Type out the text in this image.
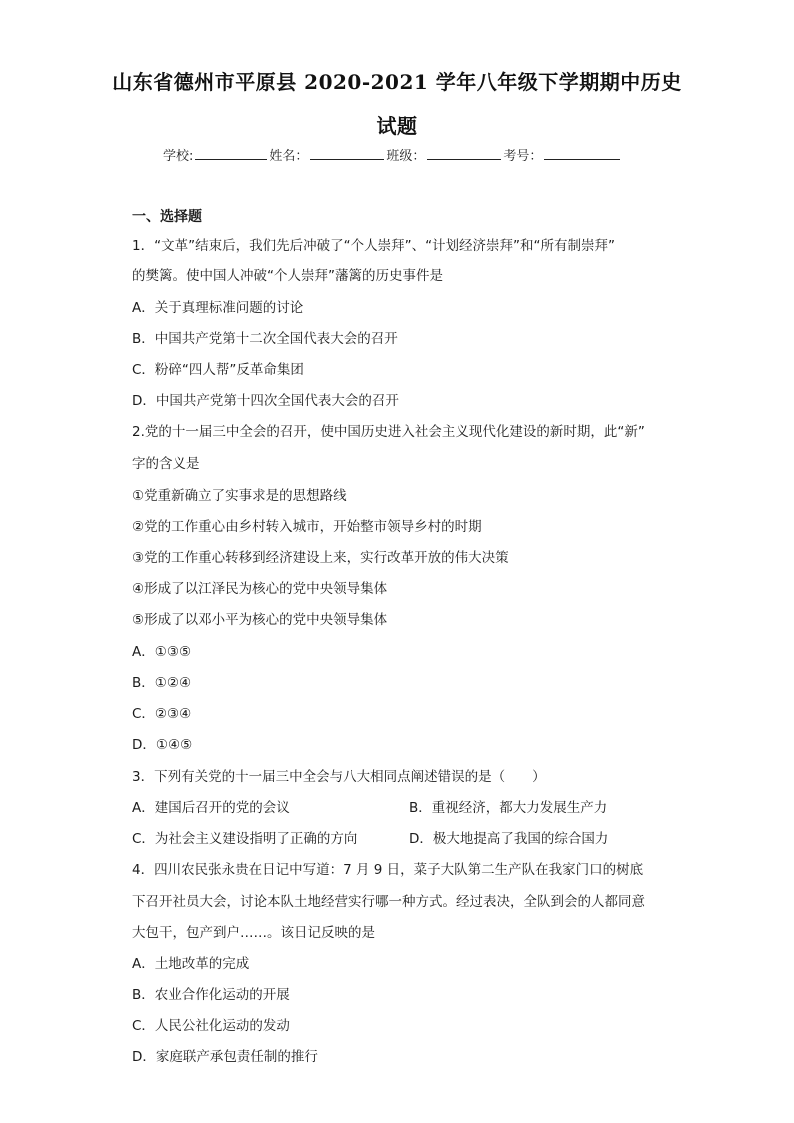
山东省德州市平原县 2020-2021 学年八年级下学期期中历史
试题
学校:	姓名：	班级：	考号：
一、选择题
1．“文革”结束后，我们先后冲破了“个人崇拜”、“计划经济崇拜”和“所有制崇拜”
的樊篱。使中国人冲破“个人崇拜”藩篱的历史事件是
A．关于真理标准问题的讨论
B．中国共产党第十二次全国代表大会的召开
C．粉碎“四人帮”反革命集团
D．中国共产党第十四次全国代表大会的召开
2.党的十一届三中全会的召开，使中国历史进入社会主义现代化建设的新时期，此“新”
字的含义是
①党重新确立了实事求是的思想路线
②党的工作重心由乡村转入城市，开始整市领导乡村的时期
③党的工作重心转移到经济建设上来，实行改革开放的伟大决策
④形成了以江泽民为核心的党中央领导集体
⑤形成了以邓小平为核心的党中央领导集体
A．①③⑤
B．①②④
C．②③④
D．①④⑤
3．下列有关党的十一届三中全会与八大相同点阐述错误的是（　　）
A．建国后召开的党的会议	B．重视经济，都大力发展生产力
C．为社会主义建设指明了正确的方向	D．极大地提高了我国的综合国力
4．四川农民张永贵在日记中写道：7 月 9 日，菜子大队第二生产队在我家门口的树底
下召开社员大会，讨论本队土地经营实行哪一种方式。经过表决，全队到会的人都同意
大包干，包产到户……。该日记反映的是
A．土地改革的完成
B．农业合作化运动的开展
C．人民公社化运动的发动
D．家庭联产承包责任制的推行
